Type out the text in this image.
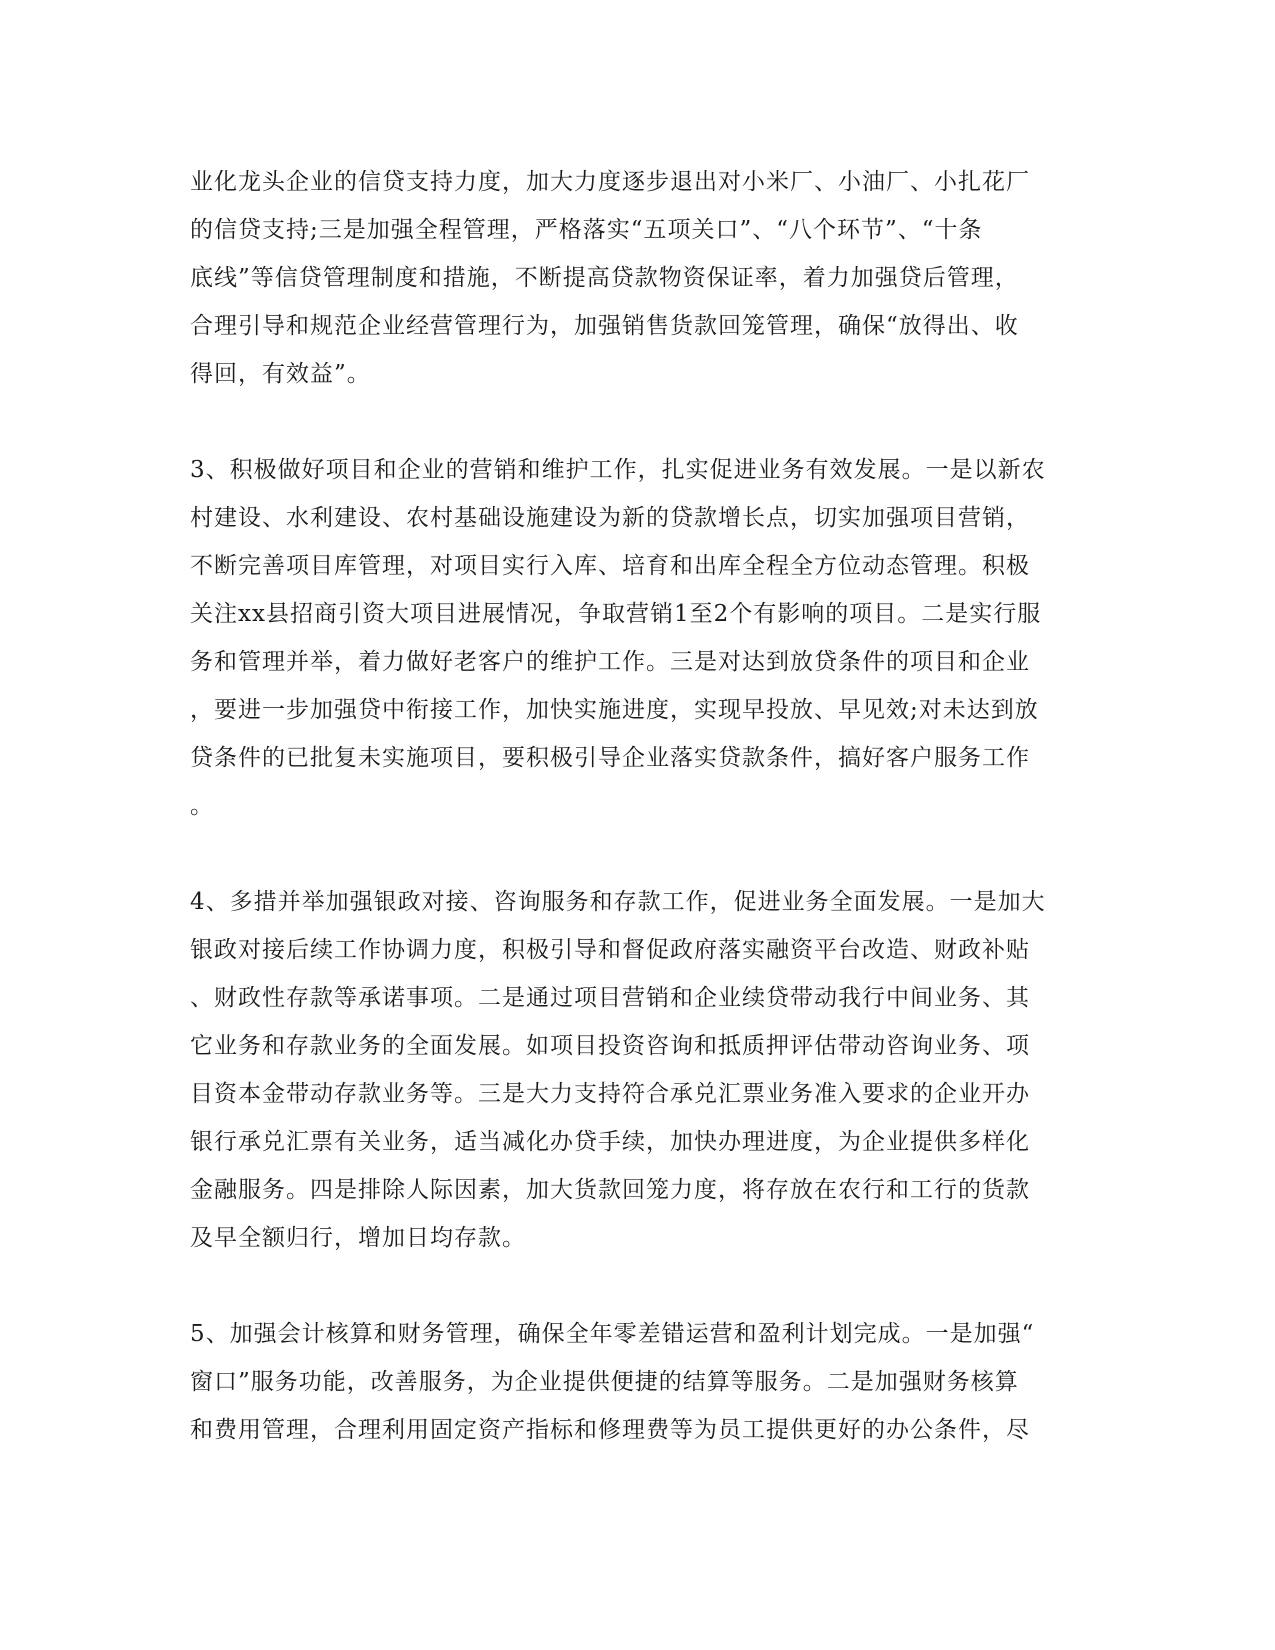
业化龙头企业的信贷支持力度，加大力度逐步退出对小米厂、小油厂、小扎花厂
的信贷支持;三是加强全程管理，严格落实“五项关口”、“八个环节”、“十条
底线”等信贷管理制度和措施，不断提高贷款物资保证率，着力加强贷后管理，
合理引导和规范企业经营管理行为，加强销售货款回笼管理，确保“放得出、收
得回，有效益”。

3、积极做好项目和企业的营销和维护工作，扎实促进业务有效发展。一是以新农
村建设、水利建设、农村基础设施建设为新的贷款增长点，切实加强项目营销，
不断完善项目库管理，对项目实行入库、培育和出库全程全方位动态管理。积极
关注xx县招商引资大项目进展情况，争取营销1至2个有影响的项目。二是实行服
务和管理并举，着力做好老客户的维护工作。三是对达到放贷条件的项目和企业
，要进一步加强贷中衔接工作，加快实施进度，实现早投放、早见效;对未达到放
贷条件的已批复未实施项目，要积极引导企业落实贷款条件，搞好客户服务工作
。

4、多措并举加强银政对接、咨询服务和存款工作，促进业务全面发展。一是加大
银政对接后续工作协调力度，积极引导和督促政府落实融资平台改造、财政补贴
、财政性存款等承诺事项。二是通过项目营销和企业续贷带动我行中间业务、其
它业务和存款业务的全面发展。如项目投资咨询和抵质押评估带动咨询业务、项
目资本金带动存款业务等。三是大力支持符合承兑汇票业务准入要求的企业开办
银行承兑汇票有关业务，适当减化办贷手续，加快办理进度，为企业提供多样化
金融服务。四是排除人际因素，加大货款回笼力度，将存放在农行和工行的货款
及早全额归行，增加日均存款。

5、加强会计核算和财务管理，确保全年零差错运营和盈利计划完成。一是加强“
窗口”服务功能，改善服务，为企业提供便捷的结算等服务。二是加强财务核算
和费用管理，合理利用固定资产指标和修理费等为员工提供更好的办公条件，尽
